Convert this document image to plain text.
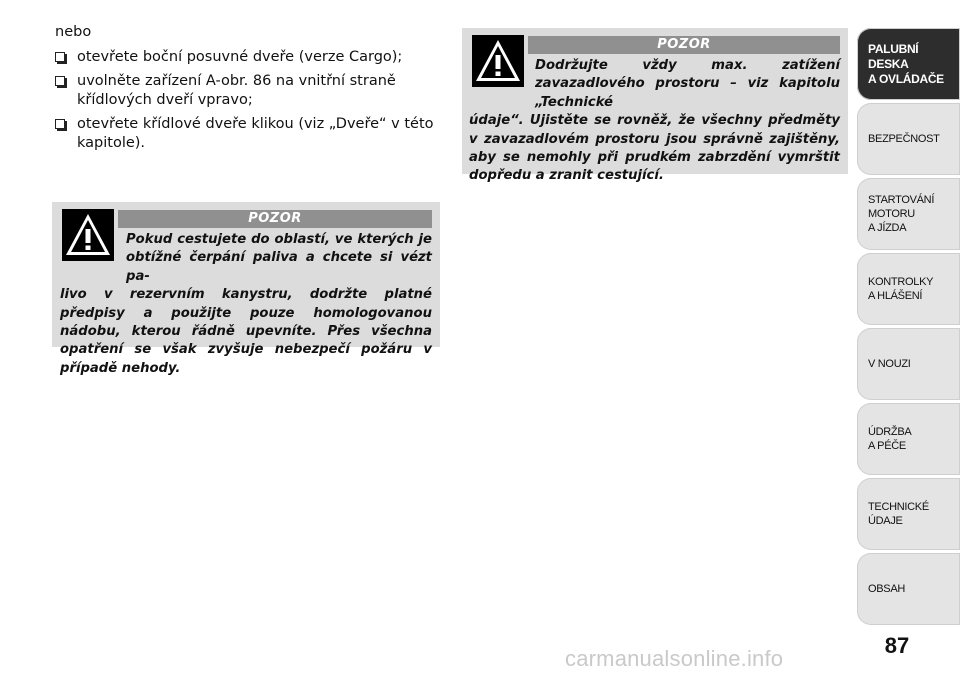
nebo

otevřete boční posuvné dveře (verze Cargo);
uvolněte zařízení A-obr. 86 na vnitřní straně křídlových dveří vpravo;
otevřete křídlové dveře klikou (viz „Dveře“ v této kapitole).
POZOR
Pokud cestujete do oblastí, ve kterých je obtížné čerpání paliva a chcete si vézt pa-
livo v rezervním kanystru, dodržte platné předpisy a použijte pouze homologovanou nádobu, kterou řádně upevníte. Přes všechna opatření se však zvyšuje nebezpečí požáru v případě nehody.
POZOR
Dodržujte vždy max. zatížení zavazadlového prostoru – viz kapitolu „Technické
údaje“. Ujistěte se rovněž, že všechny předměty v zavazadlovém prostoru jsou správně zajištěny, aby se nemohly při prudkém zabrzdění vymrštit dopředu a zranit cestující.
PALUBNÍ DESKA
A OVLÁDAČE
BEZPEČNOST
STARTOVÁNÍ
MOTORU
A JÍZDA
KONTROLKY
A HLÁŠENÍ
V NOUZI
ÚDRŽBA
A PÉČE
TECHNICKÉ
ÚDAJE
OBSAH
87
carmanualsonline.info
